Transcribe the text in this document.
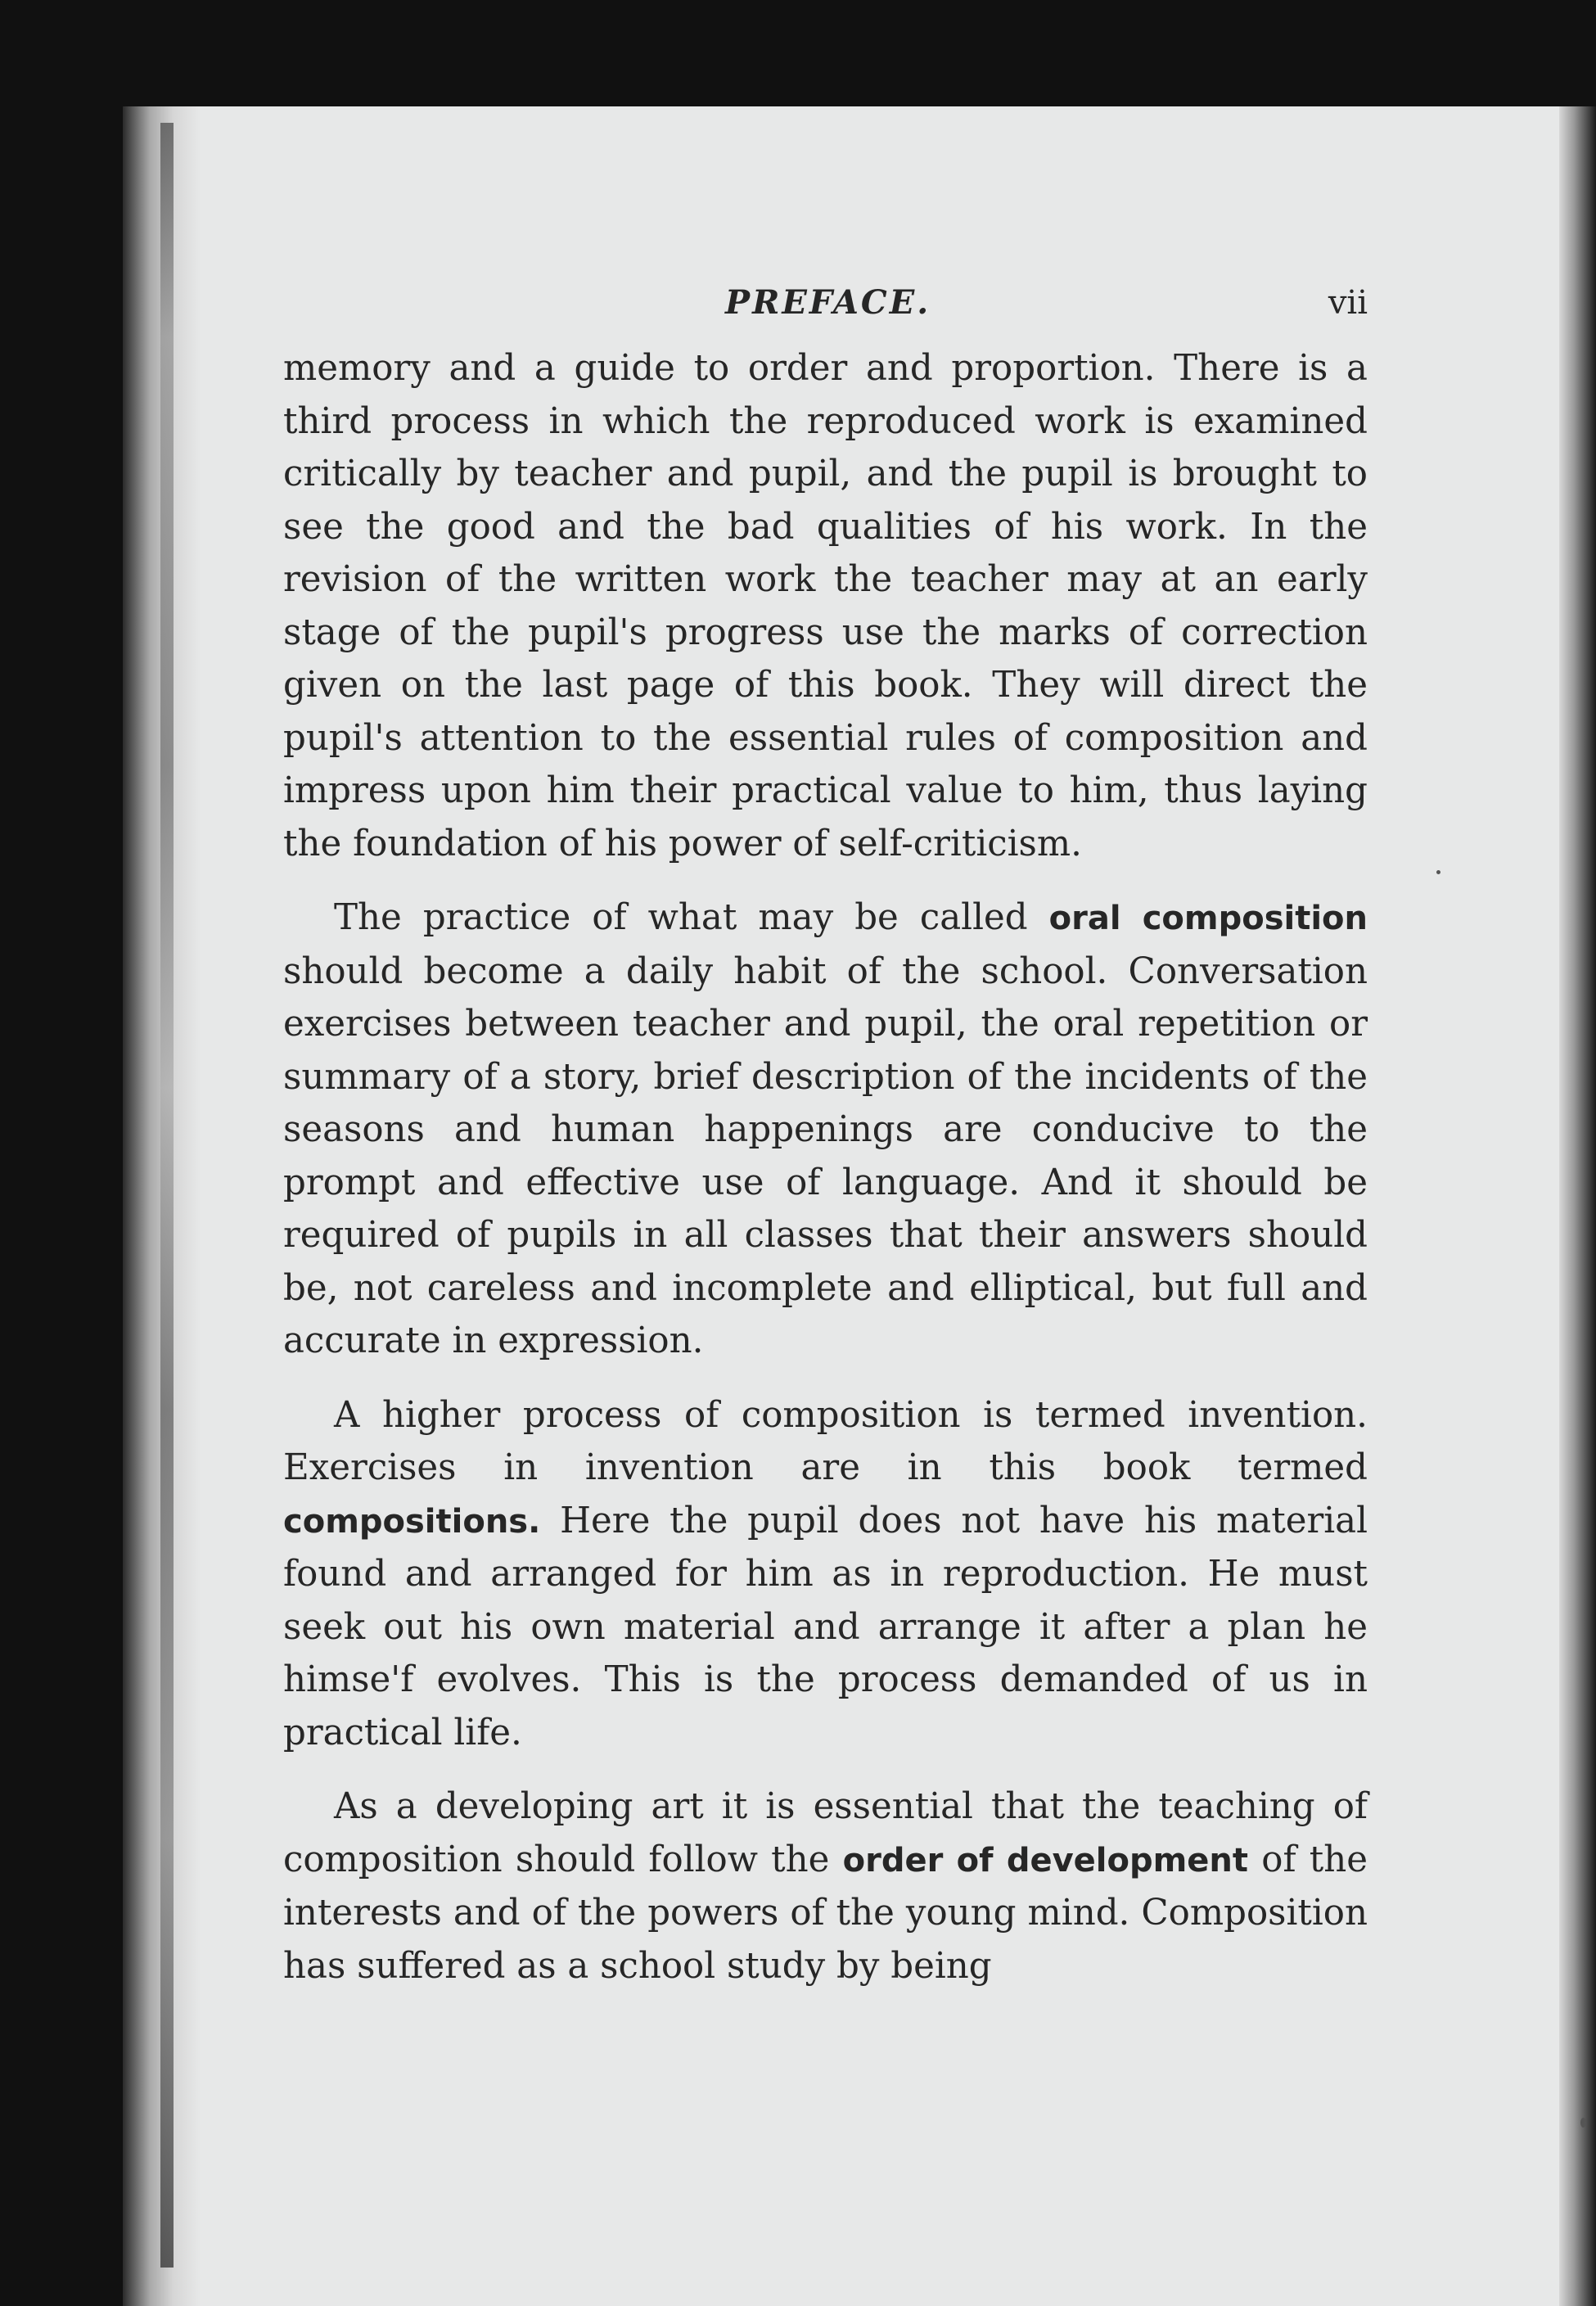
PREFACE.	vii

memory and a guide to order and proportion. There is a third process in which the reproduced work is examined critically by teacher and pupil, and the pupil is brought to see the good and the bad qualities of his work. In the revision of the written work the teacher may at an early stage of the pupil's progress use the marks of correction given on the last page of this book. They will direct the pupil's attention to the essential rules of composition and impress upon him their practical value to him, thus laying the foundation of his power of self-criticism.

The practice of what may be called oral composition should become a daily habit of the school. Conversation exercises between teacher and pupil, the oral repetition or summary of a story, brief description of the incidents of the seasons and human happenings are conducive to the prompt and effective use of language. And it should be required of pupils in all classes that their answers should be, not careless and incomplete and elliptical, but full and accurate in expression.

A higher process of composition is termed invention. Exercises in invention are in this book termed compositions. Here the pupil does not have his material found and arranged for him as in reproduction. He must seek out his own material and arrange it after a plan he himse'f evolves. This is the process demanded of us in practical life.

As a developing art it is essential that the teaching of composition should follow the order of development of the interests and of the powers of the young mind. Composition has suffered as a school study by being
